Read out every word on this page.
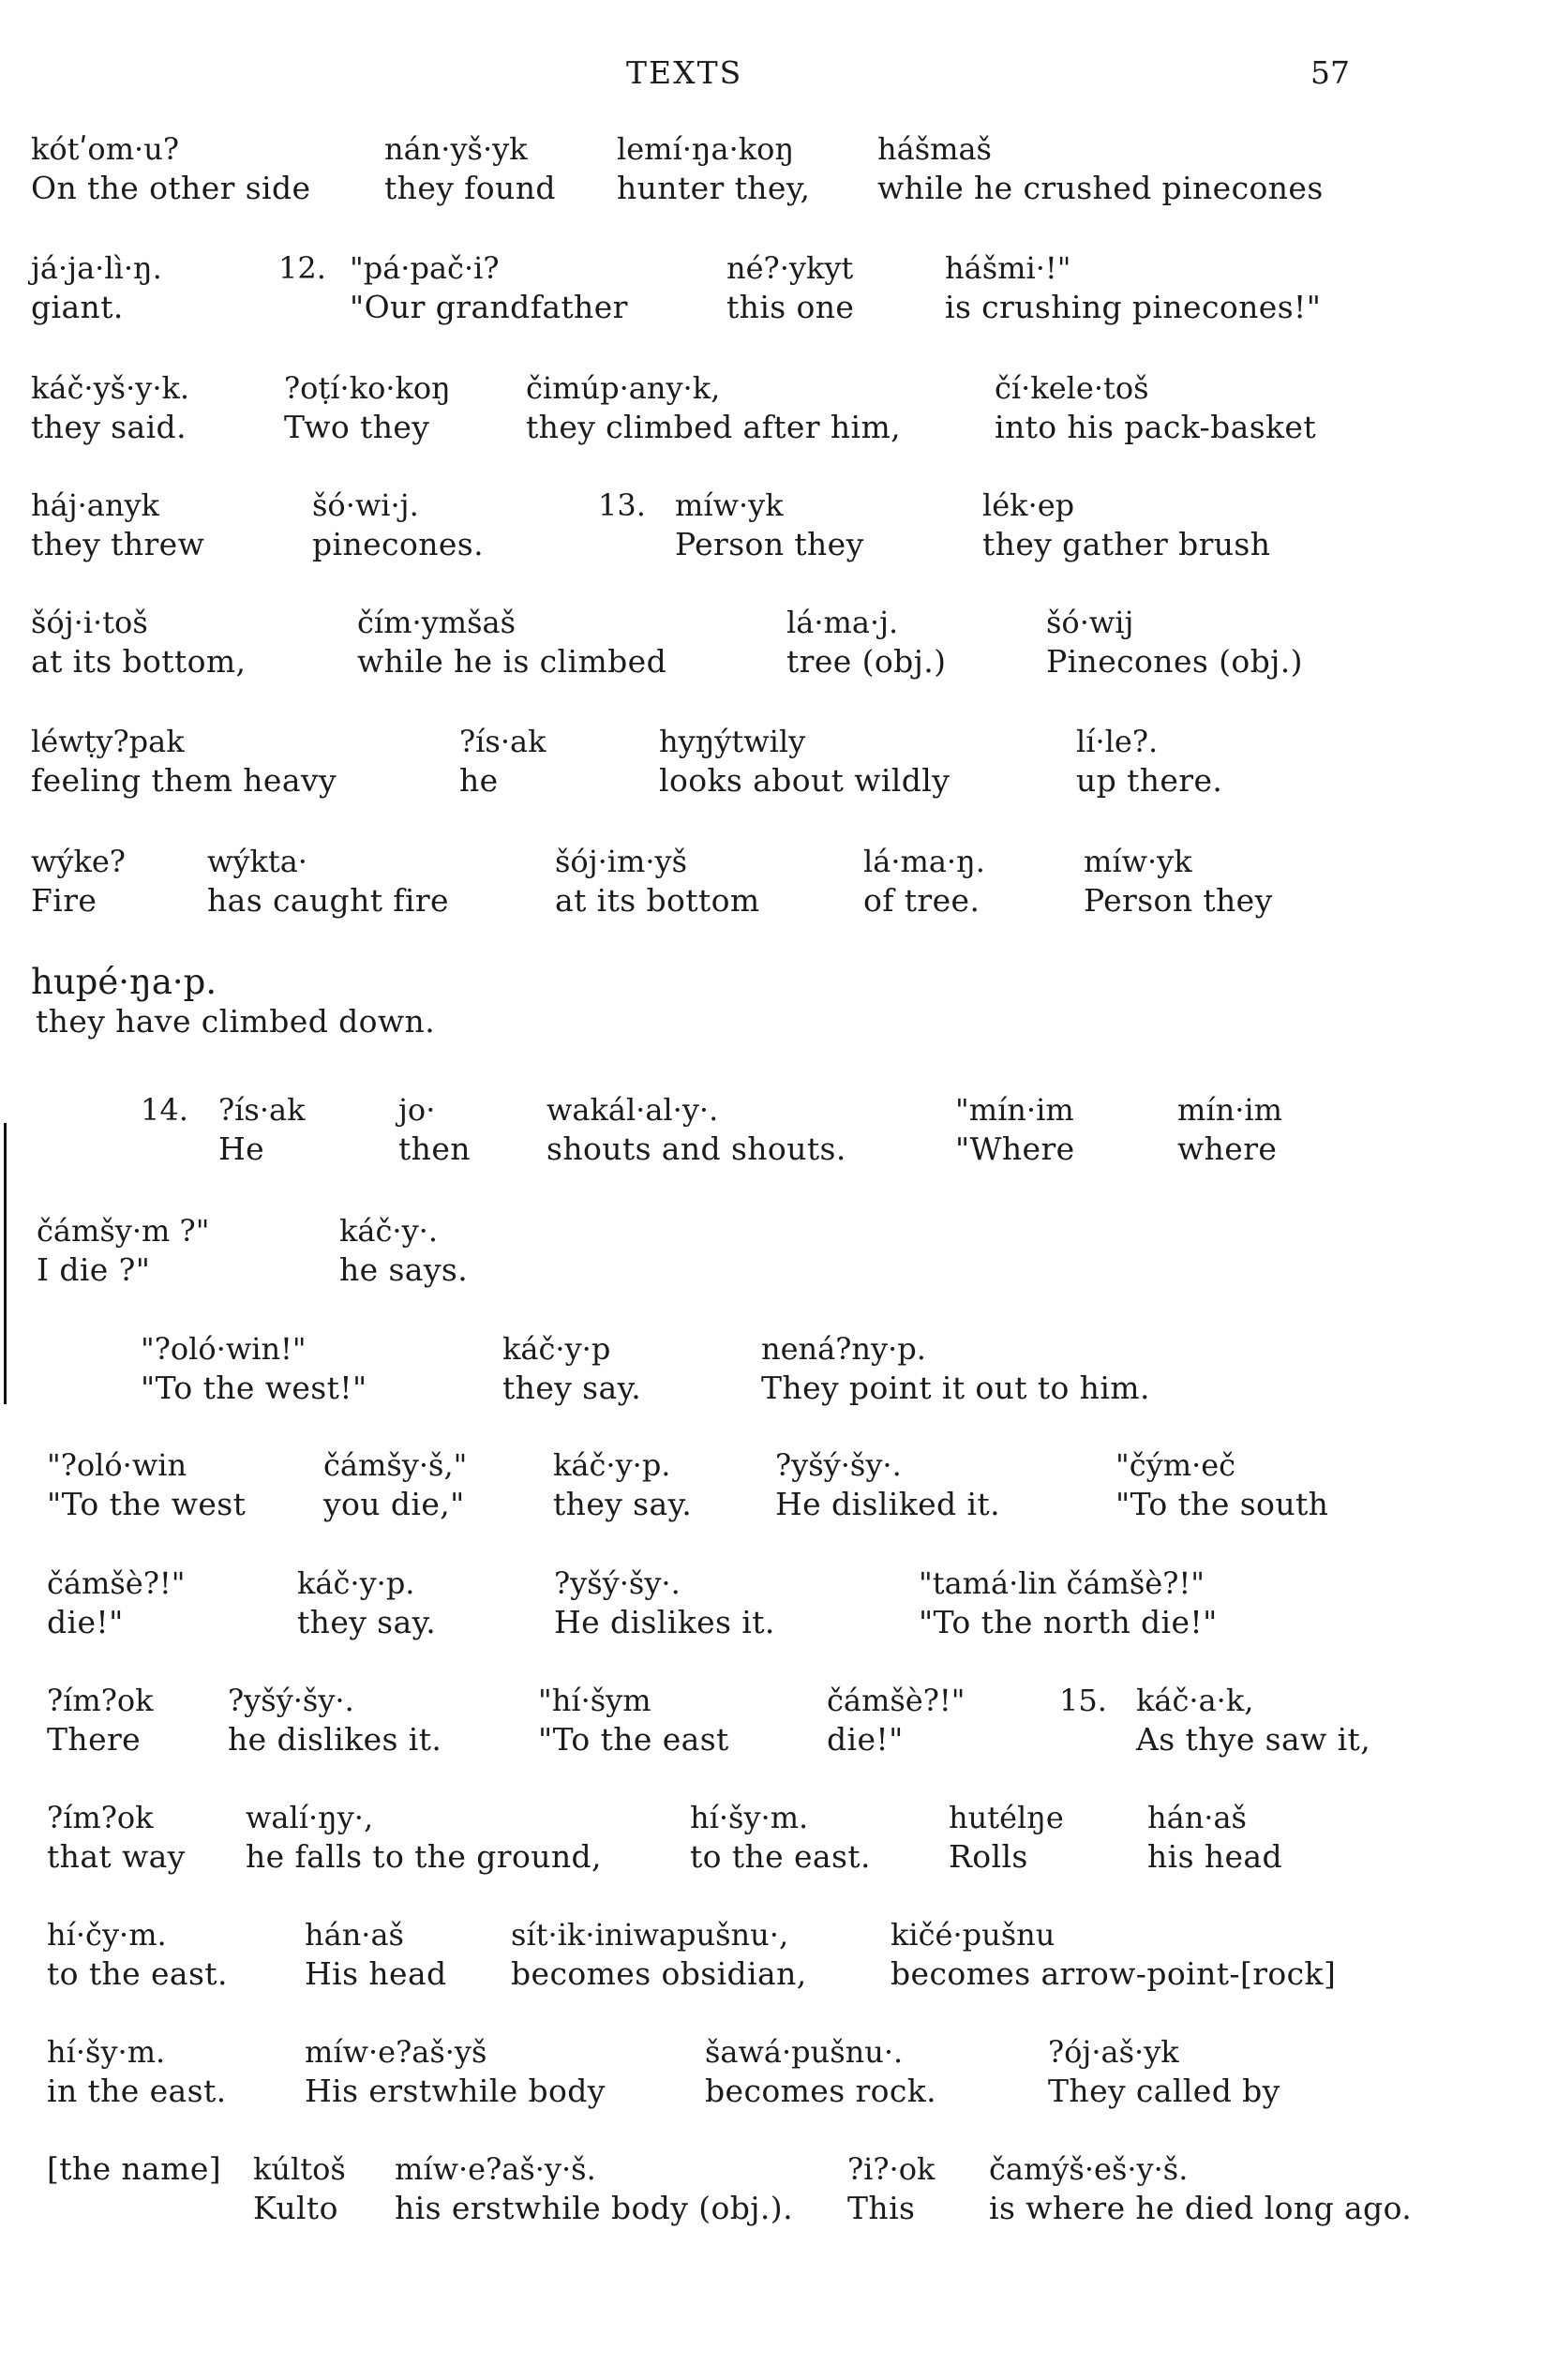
TEXTS	57
kótʹom·u?
On the other side
nán·yš·yk
they found
lemí·ŋa·koŋ
hunter they,
hášmaš
while he crushed pinecones
já·ja·lì·ŋ.
giant.
12. "pá·pač·i?
"Our grandfather
né?·ykyt
this one
hášmi·!"
is crushing pinecones!"
káč·yš·y·k.
they said.
?oṭí·ko·koŋ
Two they
čimúp·any·k,
they climbed after him,
čí·kele·toš
into his pack-basket
háj·anyk
they threw
šó·wi·j.
pinecones.
13. míw·yk
Person they
lék·ep
they gather brush
šój·i·toš
at its bottom,
čím·ymšaš
while he is climbed
lá·ma·j.
tree (obj.)
šó·wij
Pinecones (obj.)
léwṭy?pak
feeling them heavy
?ís·ak
he
hyŋýtwily
looks about wildly
lí·le?.
up there.
wýke?
Fire
wýkta·
has caught fire
šój·im·yš
at its bottom
lá·ma·ŋ.
of tree.
míw·yk
Person they
hupé·ŋa·p.
they have climbed down.
14. ?ís·ak
He
jo·
then
wakál·al·y·.
shouts and shouts.
"mín·im
"Where
mín·im
where
čámšy·m ?"
I die ?"
káč·y·.
he says.
"?oló·win!"
"To the west!"
káč·y·p
they say.
nená?ny·p.
They point it out to him.
"?oló·win
"To the west
čámšy·š,"
you die,"
káč·y·p.
they say.
?yšý·šy·.
He disliked it.
"čým·eč
"To the south
čámšè?!"
die!"
káč·y·p.
they say.
?yšý·šy·.
He dislikes it.
"tamá·lin čámšè?!"
"To the north die!"
?ím?ok
There
?yšý·šy·.
he dislikes it.
"hí·šym
"To the east
čámšè?!"
die!"
15. káč·a·k,
As thye saw it,
?ím?ok
that way
walí·ŋy·,
he falls to the ground,
hí·šy·m.
to the east.
hutélŋe
Rolls
hán·aš
his head
hí·čy·m.
to the east.
hán·aš
His head
sít·ik·iniwapušnu·,
becomes obsidian,
kičé·pušnu
becomes arrow-point-[rock]
hí·šy·m.
in the east.
míw·e?aš·yš
His erstwhile body
šawá·pušnu·.
becomes rock.
?ój·aš·yk
They called by
[the name] kúltoš
Kulto
míw·e?aš·y·š.
his erstwhile body (obj.).
?i?·ok
This
čamýš·eš·y·š.
is where he died long ago.
